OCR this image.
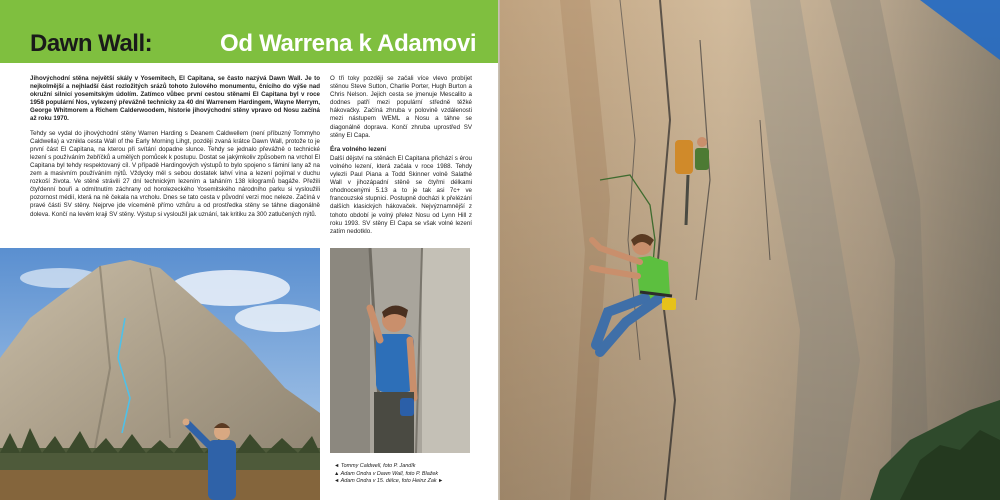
Dawn Wall:	Od Warrena k Adamovi

Jihovýchodní stěna největší skály v Yosemitech, El Capitana, se často nazývá Dawn Wall. Je to nejkolmější a nejhladší část rozložitých srázů tohoto žulového monumentu, čnícího do výše nad okružní silnicí yosemitským údolím. Zatímco vůbec první cestou stěnami El Capitana byl v roce 1958 populární Nos, vylezený převážně technicky za 40 dní Warrenem Hardingem, Wayne Merrym, George Whitmorem a Richem Calderwoodem, historie jihovýchodní stěny vpravo od Nosu začíná až roku 1970.

Tehdy se vydal do jihovýchodní stěny Warren Harding s Deanem Caldwellem (není příbuzný Tommyho Caldwella) a vznikla cesta Wall of the Early Morning Lihgt, později zvaná krátce Dawn Wall, protože to je první část El Capitana, na kterou při svítání dopadne slunce. Tehdy se jednalo převážně o technické lezení s používáním žebříčků a umělých pomůcek k postupu. Dostat se jakýmkoliv způsobem na vrchol El Capitana byl tehdy respektovaný cíl. V případě Hardingových výstupů to bylo spojeno s fáminí lany až na zem a masivním používáním nýtů. Vždycky měl s sebou dostatek lahví vína a lezení pojímal v duchu rozkoší života. Ve stěně strávili 27 dní technickým lezením a taháním 138 kilogramů bagáže. Přežili čtyřdenní bouři a odmítnutím záchrany od horolezeckého Yosemitského národního parku si vysloužili pozornost médií, která na ně čekala na vrcholu. Dnes se tato cesta v původní verzi moc neleze. Začíná v pravé části SV stěny. Nejprve jde víceméně přímo vzhůru a od prostředka stěny se táhne diagonálně doleva. Končí na levém kraji SV stěny. Výstup si vysloužil jak uznání, tak kritiku za 300 zatlučených nýtů.

O tři toky později se začali více vlevo probíjet stěnou Steve Sutton, Charlie Porter, Hugh Burton a Chris Nelson. Jejich cesta se jmenuje Mescalito a dodnes patří mezi populární středně těžké hákovačky. Začíná zhruba v polovině vzdálenosti mezi nástupem WEML a Nosu a táhne se diagonálně doprava. Končí zhruba uprostřed SV stěny El Capa.

Éra volného lezení

Další dějství na stěnách El Capitana přichází s érou volného lezení, která začala v roce 1988. Tehdy vylezli Paul Piana a Todd Skinner volně Salathé Wall v jihozápadní stěně se čtyřmi délkami ohodnocenými 5.13 a to je tak asi 7c+ ve francouzské stupnici. Postupně docházi k přelézání dalších klasických hákovaček. Nejvýznamnější z tohoto období je volný přelez Nosu od Lynn Hill z roku 1993. SV stěny El Capa se však volné lezení zatím nedotklo.

◄ Tommy Caldwell, foto P. Jandík
▲ Adam Ondra v Dawn Wall, foto P. Blažek
◄ Adam Ondra v 15. délce, foto Heinz Zak ►
